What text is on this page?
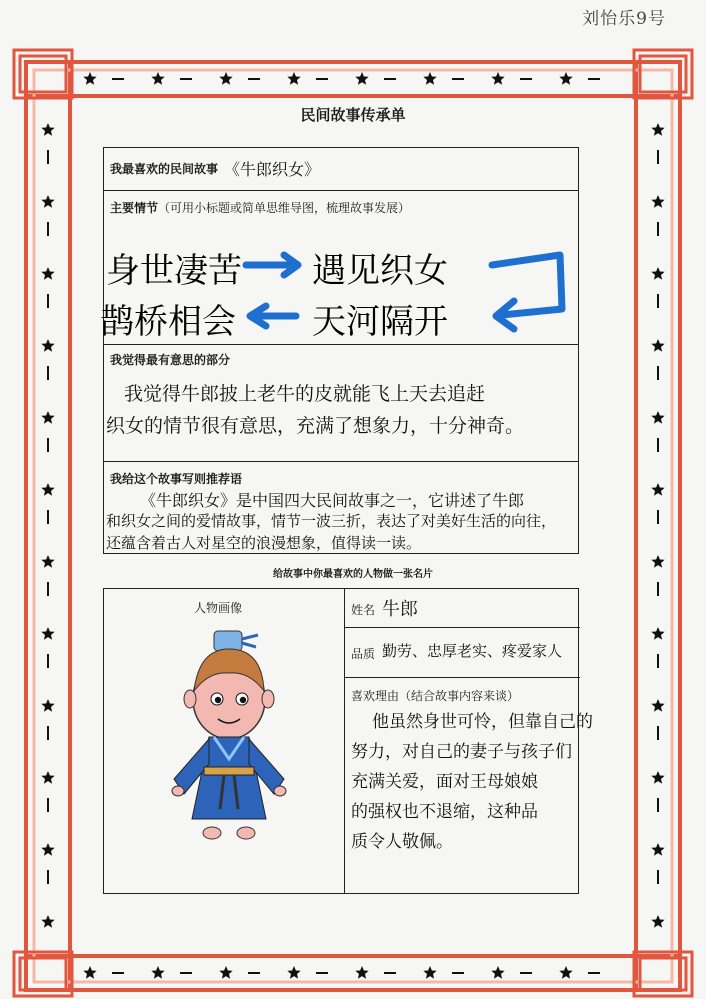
刘怡乐9号
民间故事传承单
我最喜欢的民间故事 《牛郎织女》
主要情节（可用小标题或简单思维导图，梳理故事发展）
身世凄苦 遇见织女
天河隔开
鹊桥相会
我觉得最有意思的部分
我觉得牛郎披上老牛的皮就能飞上天去追赶
织女的情节很有意思，充满了想象力，十分神奇。
我给这个故事写则推荐语
《牛郎织女》是中国四大民间故事之一，它讲述了牛郎
和织女之间的爱情故事，情节一波三折，表达了对美好生活的向往，
还蕴含着古人对星空的浪漫想象，值得读一读。
给故事中你最喜欢的人物做一张名片
人物画像	姓名 牛郎
品质 勤劳、忠厚老实、疼爱家人
喜欢理由（结合故事内容来谈）
他虽然身世可怜，但靠自己的
努力，对自己的妻子与孩子们
充满关爱，面对王母娘娘
的强权也不退缩，这种品
质令人敬佩。
